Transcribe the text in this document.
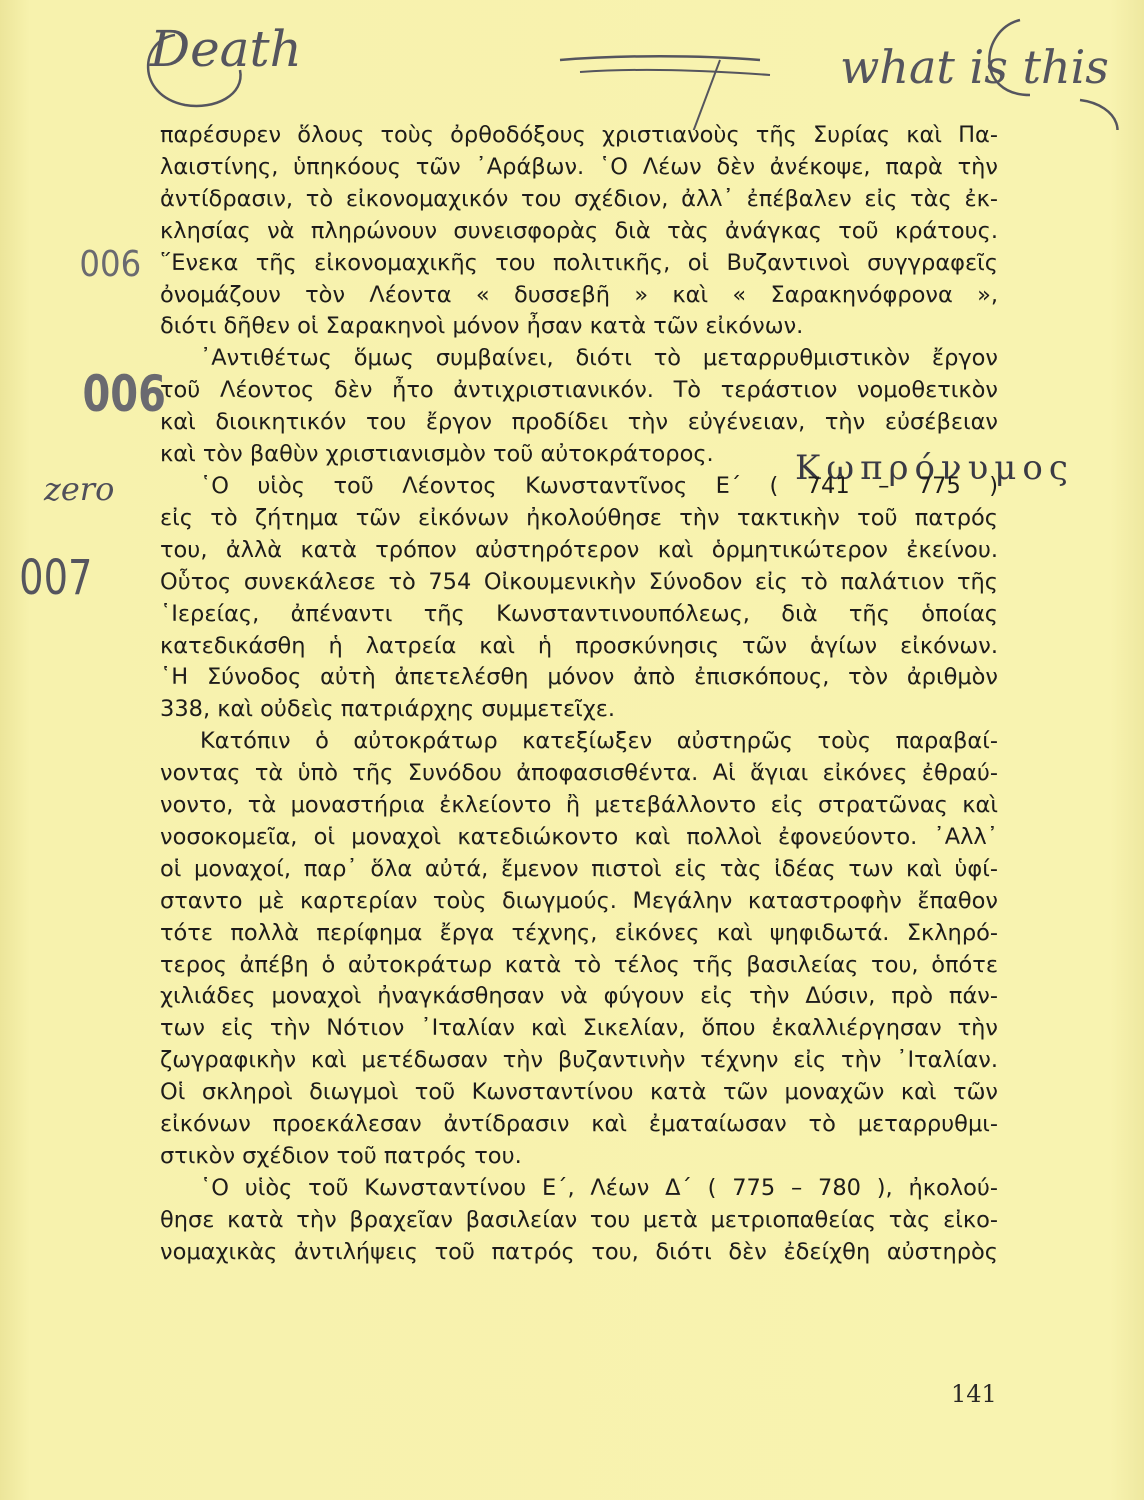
Death	what is this
006
006
zero
007
Κωπρόνυμος
παρέσυρεν ὅλους τοὺς ὀρθοδόξους χριστιανοὺς τῆς Συρίας καὶ Πα-
λαιστίνης, ὑπηκόους τῶν ᾽Αράβων. ῾Ο Λέων δὲν ἀνέκοψε, παρὰ τὴν
ἀντίδρασιν, τὸ εἰκονομαχικόν του σχέδιον, ἀλλ᾽ ἐπέβαλεν εἰς τὰς ἐκ-
κλησίας νὰ πληρώνουν συνεισφορὰς διὰ τὰς ἀνάγκας τοῦ κράτους.
῞Ενεκα τῆς εἰκονομαχικῆς του πολιτικῆς, οἱ Βυζαντινοὶ συγγραφεῖς
ὀνομάζουν τὸν Λέοντα « δυσσεβῆ » καὶ « Σαρακηνόφρονα »,
διότι δῆθεν οἱ Σαρακηνοὶ μόνον ἦσαν κατὰ τῶν εἰκόνων.
᾽Αντιθέτως ὅμως συμβαίνει, διότι τὸ μεταρρυθμιστικὸν ἔργον
τοῦ Λέοντος δὲν ἦτο ἀντιχριστιανικόν. Τὸ τεράστιον νομοθετικὸν
καὶ διοικητικόν του ἔργον προδίδει τὴν εὐγένειαν, τὴν εὐσέβειαν
καὶ τὸν βαθὺν χριστιανισμὸν τοῦ αὐτοκράτορος.
῾Ο υἱὸς τοῦ Λέοντος Κωνσταντῖνος Ε΄ ( 741 – 775 )
εἰς τὸ ζήτημα τῶν εἰκόνων ἠκολούθησε τὴν τακτικὴν τοῦ πατρός
του, ἀλλὰ κατὰ τρόπον αὐστηρότερον καὶ ὁρμητικώτερον ἐκείνου.
Οὗτος συνεκάλεσε τὸ 754 Οἰκουμενικὴν Σύνοδον εἰς τὸ παλάτιον τῆς
῾Ιερείας, ἀπέναντι τῆς Κωνσταντινουπόλεως, διὰ τῆς ὁποίας
κατεδικάσθη ἡ λατρεία καὶ ἡ προσκύνησις τῶν ἁγίων εἰκόνων.
῾Η Σύνοδος αὐτὴ ἀπετελέσθη μόνον ἀπὸ ἐπισκόπους, τὸν ἀριθμὸν
338, καὶ οὐδεὶς πατριάρχης συμμετεῖχε.
Κατόπιν ὁ αὐτοκράτωρ κατεξίωξεν αὐστηρῶς τοὺς παραβαί-
νοντας τὰ ὑπὸ τῆς Συνόδου ἀποφασισθέντα. Αἱ ἅγιαι εἰκόνες ἐθραύ-
νοντο, τὰ μοναστήρια ἐκλείοντο ἢ μετεβάλλοντο εἰς στρατῶνας καὶ
νοσοκομεῖα, οἱ μοναχοὶ κατεδιώκοντο καὶ πολλοὶ ἐφονεύοντο. ᾽Αλλ᾽
οἱ μοναχοί, παρ᾽ ὅλα αὐτά, ἔμενον πιστοὶ εἰς τὰς ἰδέας των καὶ ὑφί-
σταντο μὲ καρτερίαν τοὺς διωγμούς. Μεγάλην καταστροφὴν ἔπαθον
τότε πολλὰ περίφημα ἔργα τέχνης, εἰκόνες καὶ ψηφιδωτά. Σκληρό-
τερος ἀπέβη ὁ αὐτοκράτωρ κατὰ τὸ τέλος τῆς βασιλείας του, ὁπότε
χιλιάδες μοναχοὶ ἠναγκάσθησαν νὰ φύγουν εἰς τὴν Δύσιν, πρὸ πάν-
των εἰς τὴν Νότιον ᾽Ιταλίαν καὶ Σικελίαν, ὅπου ἐκαλλιέργησαν τὴν
ζωγραφικὴν καὶ μετέδωσαν τὴν βυζαντινὴν τέχνην εἰς τὴν ᾽Ιταλίαν.
Οἱ σκληροὶ διωγμοὶ τοῦ Κωνσταντίνου κατὰ τῶν μοναχῶν καὶ τῶν
εἰκόνων προεκάλεσαν ἀντίδρασιν καὶ ἐματαίωσαν τὸ μεταρρυθμι-
στικὸν σχέδιον τοῦ πατρός του.
῾Ο υἱὸς τοῦ Κωνσταντίνου Ε΄, Λέων Δ΄ ( 775 – 780 ), ἠκολού-
θησε κατὰ τὴν βραχεῖαν βασιλείαν του μετὰ μετριοπαθείας τὰς εἰκο-
νομαχικὰς ἀντιλήψεις τοῦ πατρός του, διότι δὲν ἐδείχθη αὐστηρὸς
141
